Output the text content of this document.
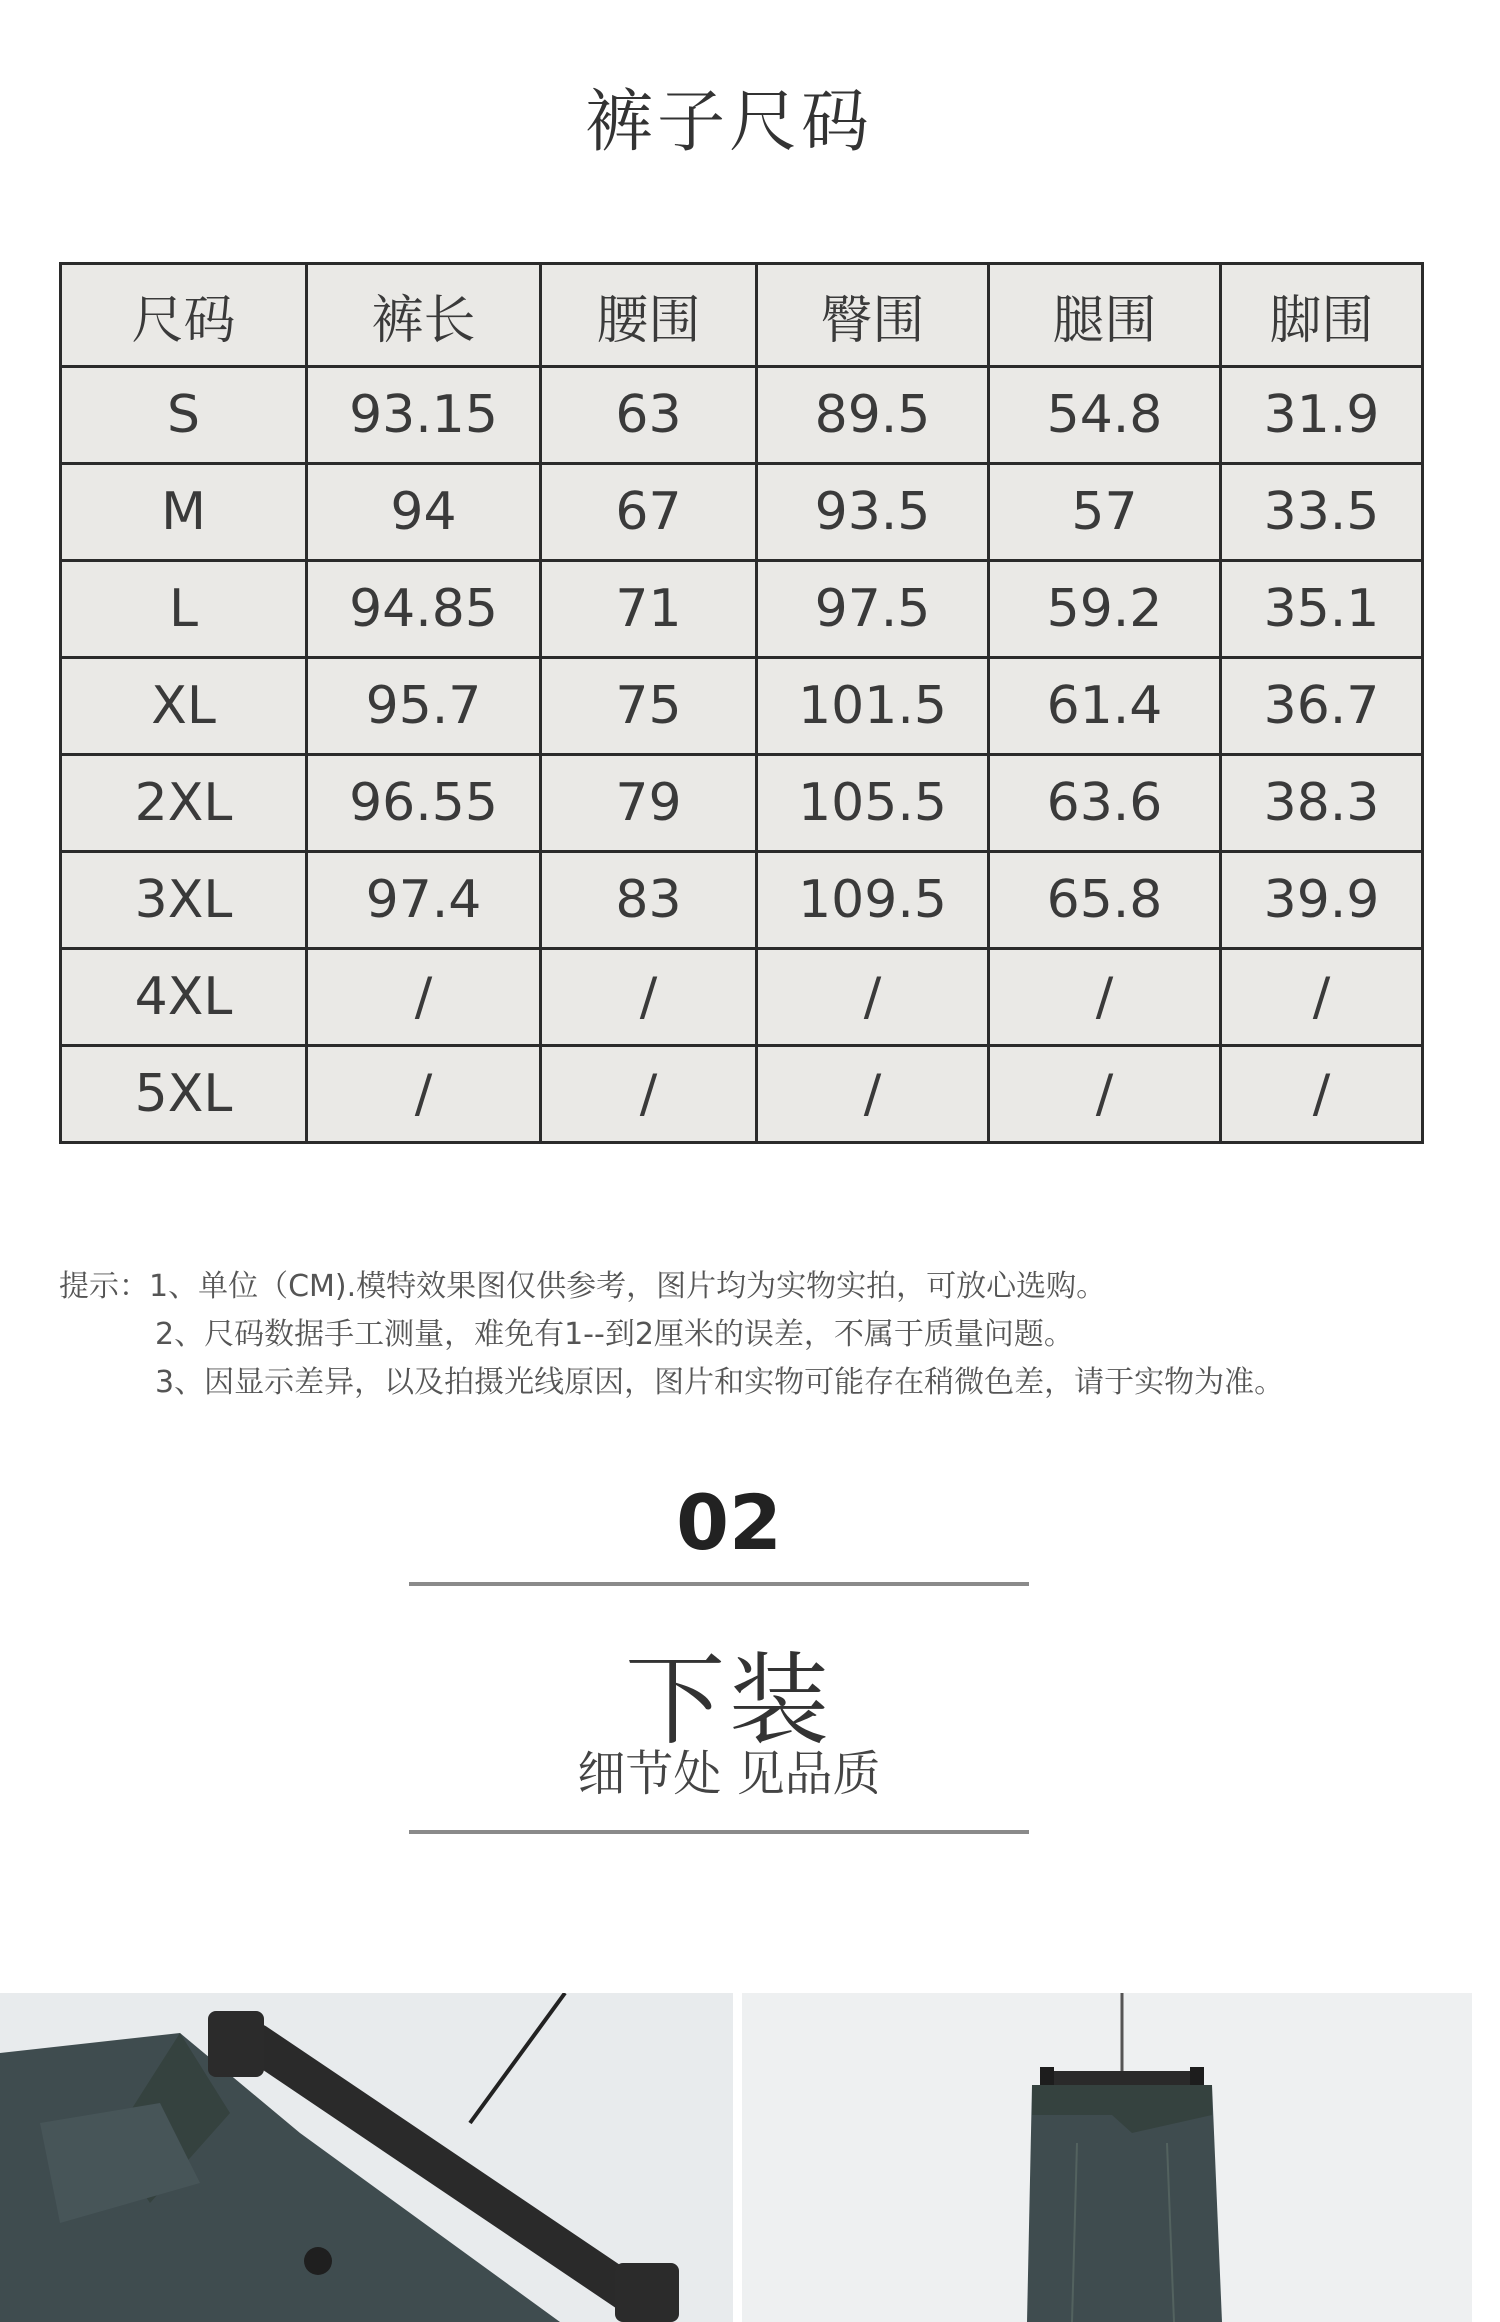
裤子尺码
尺码	裤长	腰围	臀围	腿围	脚围
S	93.15	63	89.5	54.8	31.9
M	94	67	93.5	57	33.5
L	94.85	71	97.5	59.2	35.1
XL	95.7	75	101.5	61.4	36.7
2XL	96.55	79	105.5	63.6	38.3
3XL	97.4	83	109.5	65.8	39.9
4XL	/	/	/	/	/
5XL	/	/	/	/	/
提示：1、单位（CM).模特效果图仅供参考，图片均为实物实拍，可放心选购。
2、尺码数据手工测量，难免有1--到2厘米的误差，不属于质量问题。
3、因显示差异，以及拍摄光线原因，图片和实物可能存在稍微色差，请于实物为准。
02
下装
细节处 见品质
